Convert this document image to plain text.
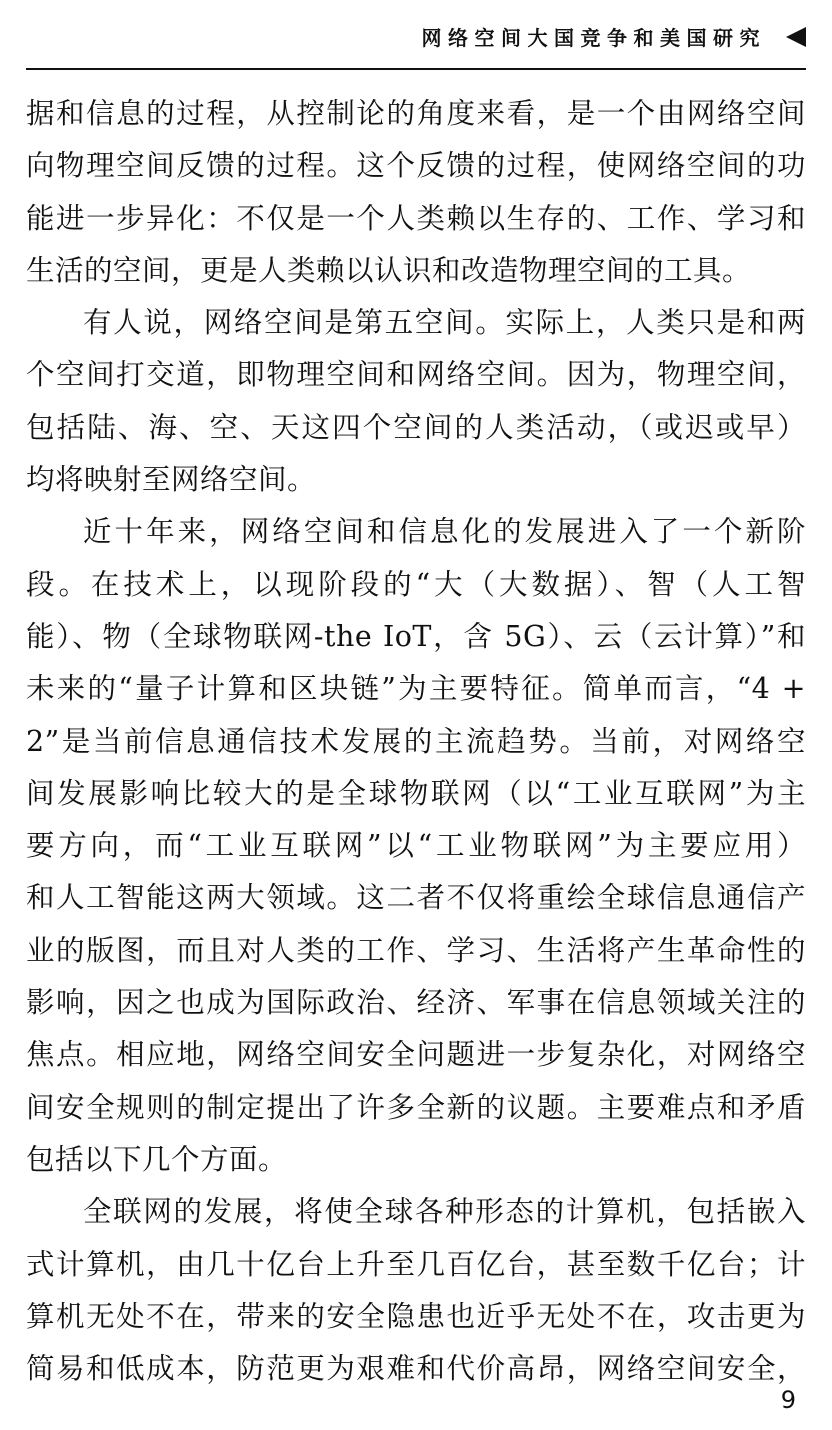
网络空间大国竞争和美国研究

据和信息的过程，从控制论的角度来看，是一个由网络空间
向物理空间反馈的过程。这个反馈的过程，使网络空间的功
能进一步异化：不仅是一个人类赖以生存的、工作、学习和
生活的空间，更是人类赖以认识和改造物理空间的工具。

有人说，网络空间是第五空间。实际上，人类只是和两
个空间打交道，即物理空间和网络空间。因为，物理空间，
包括陆、海、空、天这四个空间的人类活动，（或迟或早）
均将映射至网络空间。

近十年来，网络空间和信息化的发展进入了一个新阶
段。在技术上，以现阶段的“大（大数据）、智（人工智
能）、物（全球物联网-the IoT，含 5G）、云（云计算）”和
未来的“量子计算和区块链”为主要特征。简单而言，“4 +
2”是当前信息通信技术发展的主流趋势。当前，对网络空
间发展影响比较大的是全球物联网（以“工业互联网”为主
要方向，而“工业互联网”以“工业物联网”为主要应用）
和人工智能这两大领域。这二者不仅将重绘全球信息通信产
业的版图，而且对人类的工作、学习、生活将产生革命性的
影响，因之也成为国际政治、经济、军事在信息领域关注的
焦点。相应地，网络空间安全问题进一步复杂化，对网络空
间安全规则的制定提出了许多全新的议题。主要难点和矛盾
包括以下几个方面。

全联网的发展，将使全球各种形态的计算机，包括嵌入
式计算机，由几十亿台上升至几百亿台，甚至数千亿台；计
算机无处不在，带来的安全隐患也近乎无处不在，攻击更为
简易和低成本，防范更为艰难和代价高昂，网络空间安全，

9
